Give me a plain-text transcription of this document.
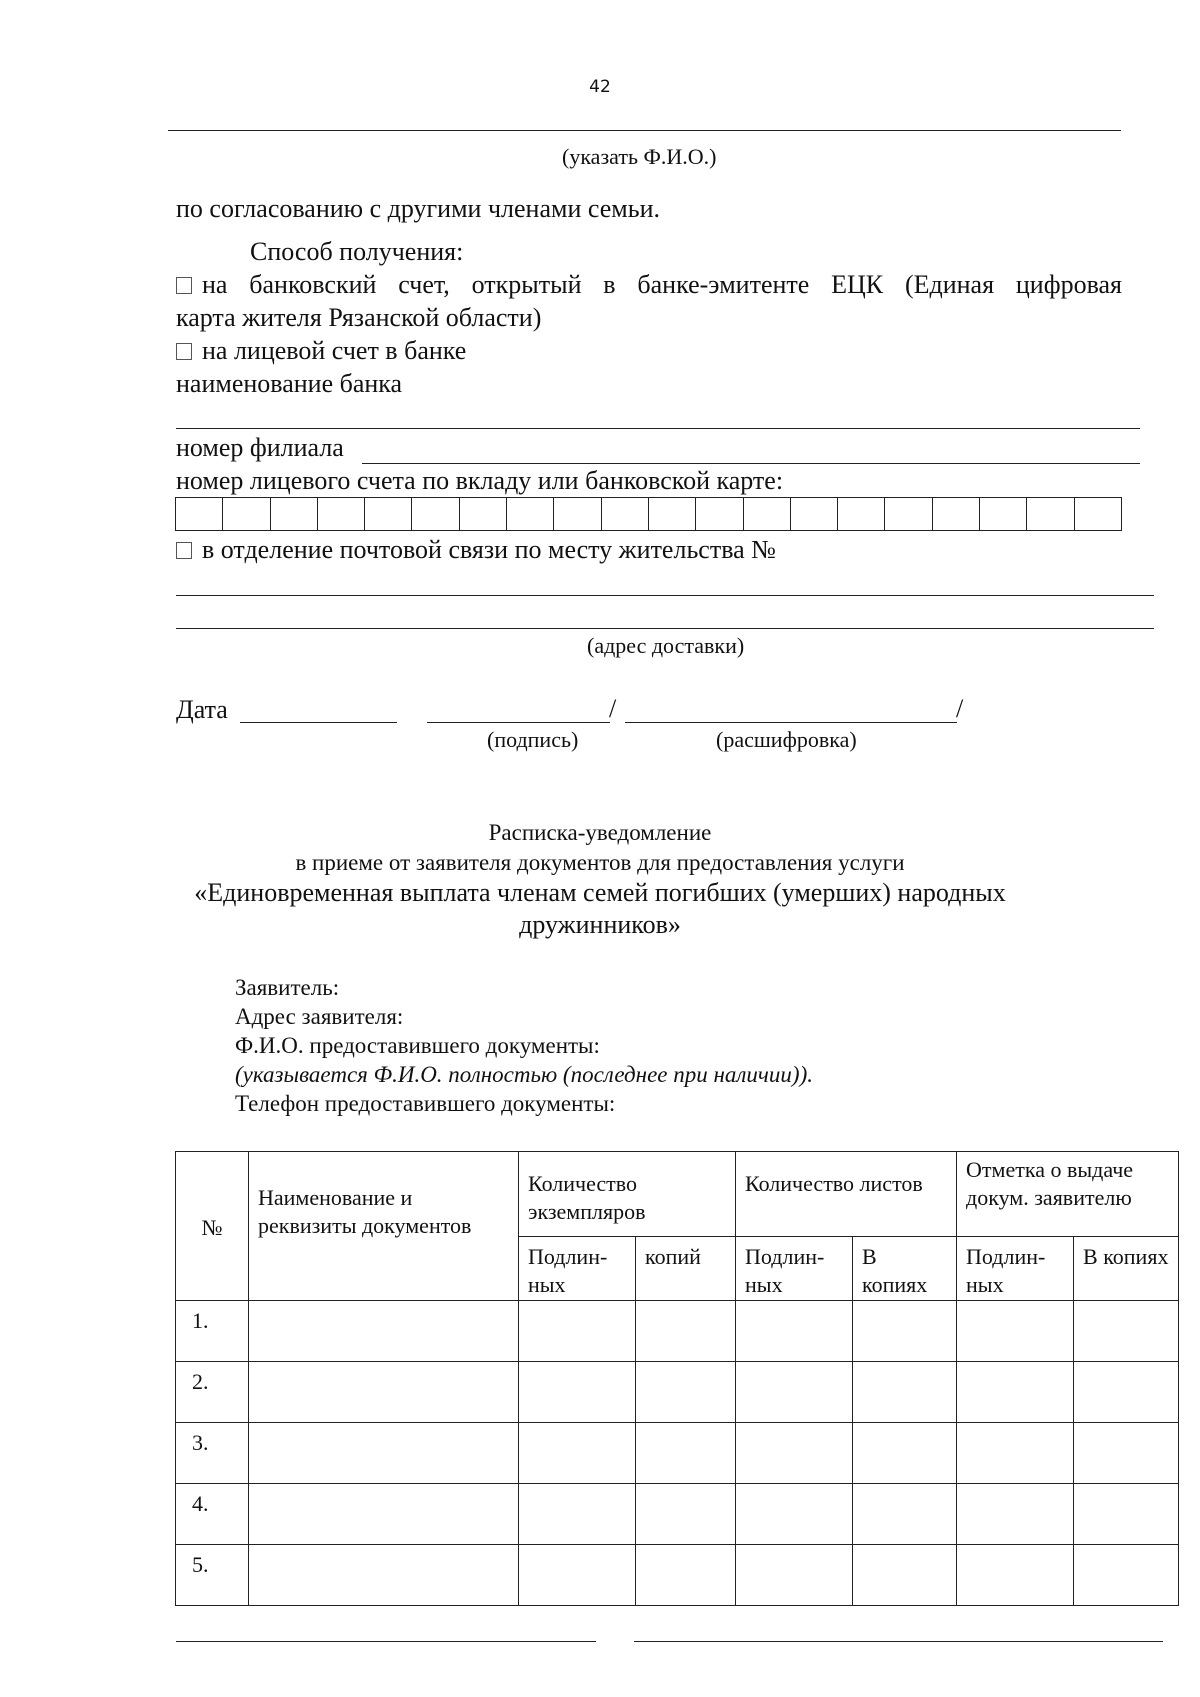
42
(указать Ф.И.О.)
по согласованию с другими членами семьи.
Способ получения:
на банковский счет, открытый в банке-эмитенте ЕЦК (Единая цифровая
карта жителя Рязанской области)
на лицевой счет в банке
наименование банка
номер филиала
номер лицевого счета по вкладу или банковской карте:
в отделение почтовой связи по месту жительства №
(адрес доставки)
Дата	/	/
(подпись)	(расшифровка)
Расписка-уведомление
в приеме от заявителя документов для предоставления услуги
«Единовременная выплата членам семей погибших (умерших) народных
дружинников»
Заявитель:
Адрес заявителя:
Ф.И.О. предоставившего документы:
(указывается Ф.И.О. полностью (последнее при наличии)).
Телефон предоставившего документы:
№	Наименование и реквизиты документов	Количество экземпляров		Количество листов		Отметка о выдаче докум. заявителю	
		Подлин- ных	копий	Подлин- ных	В копиях	Подлин- ных	В копиях
1.							
2.							
3.							
4.							
5.							
